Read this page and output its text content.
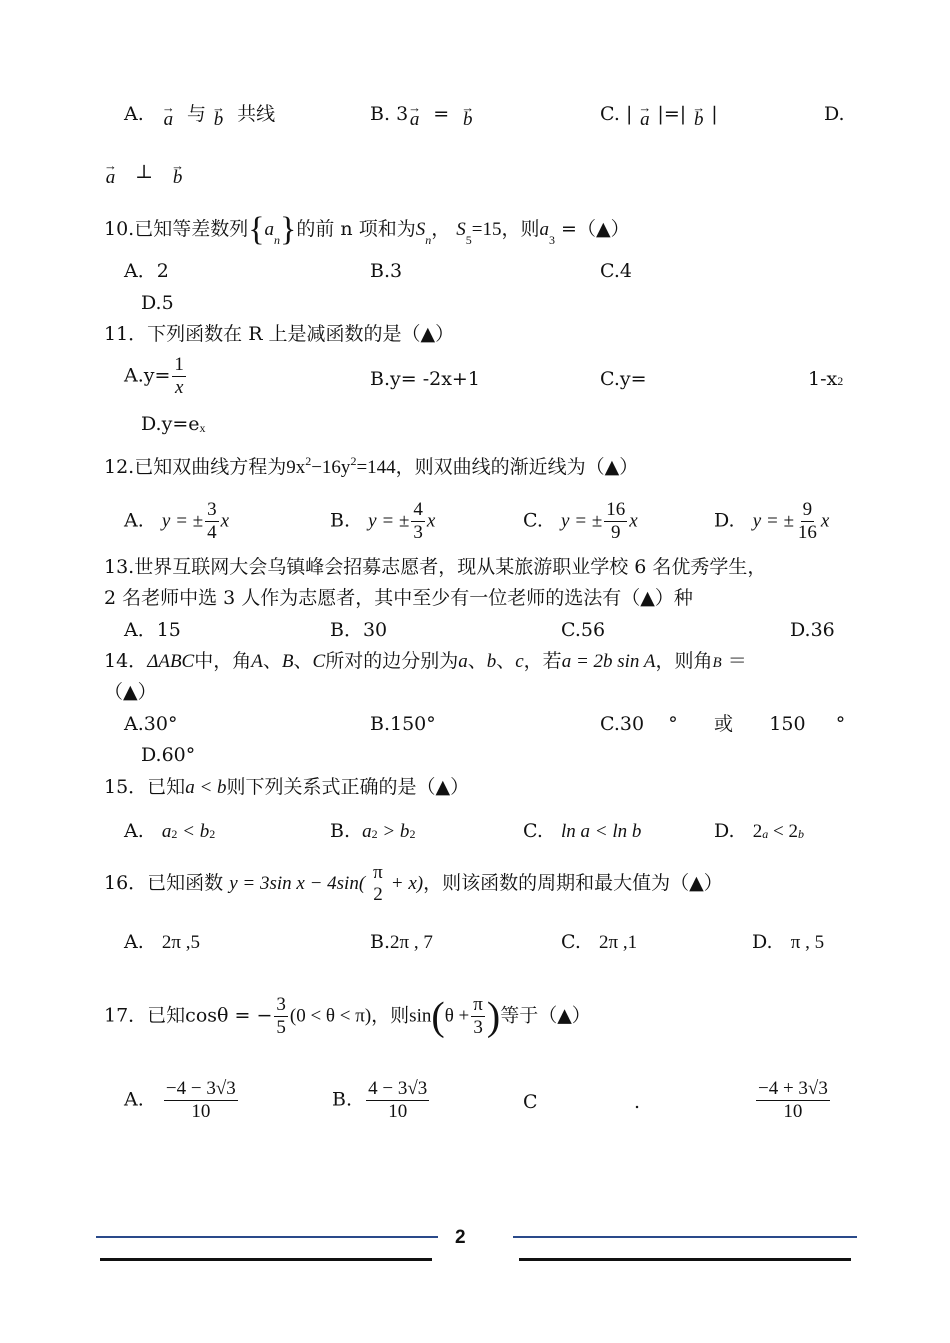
A. →
a 与 →
b 共线	B. 3 →
a = →
b	C. | →
a |=| →
b |	D.
→
a ⊥ →
b
10.已知等差数列$\{a_n\}$的前 n 项和为$S_n$， $S_5=15$，则$a_3$ =（▲）
A．2	B.3	C.4
D.5
11．下列函数在 R 上是减函数的是（▲）
$A.y= \frac{1}{x}$	B.y= -2x+1	C.y=	1-x2
D.y=ex
12.已知双曲线方程为$9x^2-16y^2=144$，则双曲线的渐近线为（▲）
A. y = ± $\frac{3}{4}$ x	B. y = ± $\frac{4}{3}$ x	C. y = ± $\frac{16}{9}$ x	D. y = ± $\frac{9}{16}$ x
13.世界互联网大会乌镇峰会招募志愿者，现从某旅游职业学校 6 名优秀学生，
2 名老师中选 3 人作为志愿者，其中至少有一位老师的选法有（▲）种
A．15	B．30	C.56	D.36
14．ΔABC中，角A、B、C所对的边分别为a、b、c，若a = 2b sin A，则角B ＝
（▲）
A.30°	B.150°	C.30 ° 或 150 °
D.60°
15．已知a < b则下列关系式正确的是（▲）
A. a2 < b2	B. a2 > b2	C. ln a < ln b	D. 2a < 2b
16．已知函数 y = 3sin x − 4sin(
π
2
+ x)，则该函数的周期和最大值为（▲）
A. 2π ,5	B.2π , 7	C. 2π ,1	D. π , 5
17．已知cosθ = − $\frac{3}{5} (0 < \theta < \pi)$，则$\sin(\theta + \frac{\pi}{3}$ )等于（▲）
A. $\frac{-4 - 3√3}{10}$	B. $\frac{4 - 3√3}{10}$	C	.	$\frac{-4 + 3√3}{10}$
2
